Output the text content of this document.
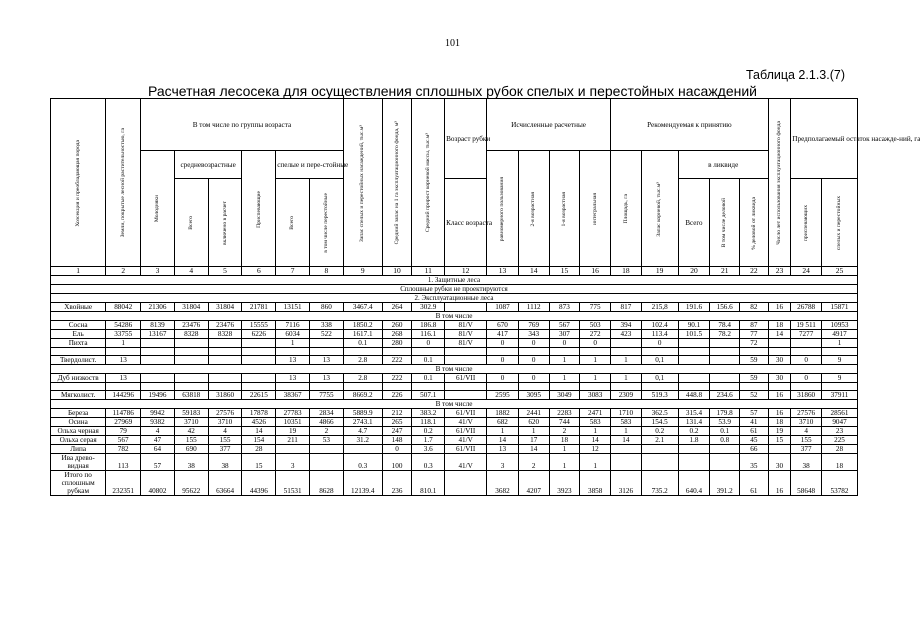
101
Таблица 2.1.3.(7)
Расчетная лесосека для осуществления сплошных рубок спелых и перестойных насаждений
Хозсекция и преобладающая порода	Земли, покрытые лесной растительностью, га	В том числе по группы возраста						Запас спелых и перестойных насаждений, тыс.м³	Средний запас на 1 га эксплуатационного фонда, м³	Средний прирост корневой массы, тыс.м³	Возраст рубки	Исчисленные расчетные				Рекомендуемая к принятию					Число лет использования эксплуатационного фонда	Предполагаемый остаток насажде-ний, га	
		Молодняки	средневозрастные		Приспевающие	спелые и пере-стойные						равномерного пользования	2-я возрастная	1-я возрастная	интегральная	Площадь, га	Запас корневой, тыс.м³	в ликвиде					
			Всего	включено в расчет		Всего	в том числе перестойные				Класс возраста							Всего	В том числе деловой	% деловой от ликвида		приспевающих	спелых и перестойных
1	2	3	4	5	6	7	8	9	10	11	12	13	14	15	16	18	19	20	21	22	23	24	25
1. Защитные леса																							
Сплошные рубки не проектируются																							
2. Эксплуатационные леса																							
Хвойные	88042	21306	31804	31804	21781	13151	860	3467.4	264	302.9		1087	1112	873	775	817	215,8	191.6	156.6	82	16	26788	15871
В том числе																							
Сосна	54286	8139	23476	23476	15555	7116	338	1850.2	260	186.8	81/V	670	769	567	503	394	102.4	90.1	78.4	87	18	19 511	10953
Ель	33755	13167	8328	8328	6226	6034	522	1617.1	268	116.1	81/V	417	343	307	272	423	113.4	101.5	78.2	77	14	7277	4917
Пихта	1					1		0.1	280	0	81/V	0	0	0	0		0			72			1

Твердолист.	13					13	13	2.8	222	0.1		0	0	1	1	1	0,1			59	30	0	9
В том числе																							
Дуб низкоств	13					13	13	2.8	222	0.1	61/VII	0	0	1	1	1	0,1			59	30	0	9

Мягколист.	144296	19496	63818	31860	22615	38367	7755	8669.2	226	507.1		2595	3095	3049	3083	2309	519.3	448.8	234.6	52	16	31860	37911
В том числе																							
Береза	114786	9942	59183	27576	17878	27783	2834	5889.9	212	383.2	61/VII	1882	2441	2283	2471	1710	362.5	315.4	179.8	57	16	27576	28561
Осина	27969	9382	3710	3710	4526	10351	4866	2743.1	265	118.1	41/V	682	620	744	583	583	154.5	131.4	53.9	41	18	3710	9047
Ольха черная	79	4	42	4	14	19	2	4.7	247	0.2	61/VII	1	1	2	1	1	0.2	0.2	0.1	61	19	4	23
Ольха серая	567	47	155	155	154	211	53	31.2	148	1.7	41/V	14	17	18	14	14	2.1	1.8	0.8	45	15	155	225
Липа	782	64	690	377	28				0	3.6	61/VII	13	14	1	12					66		377	28
Ива древо-видная	113	57	38	38	15	3		0.3	100	0.3	41/V	3	2	1	1					35	30	38	18
Итого по сплошным рубкам	232351	40802	95622	63664	44396	51531	8628	12139.4	236	810.1		3682	4207	3923	3858	3126	735.2	640.4	391.2	61	16	58648	53782
